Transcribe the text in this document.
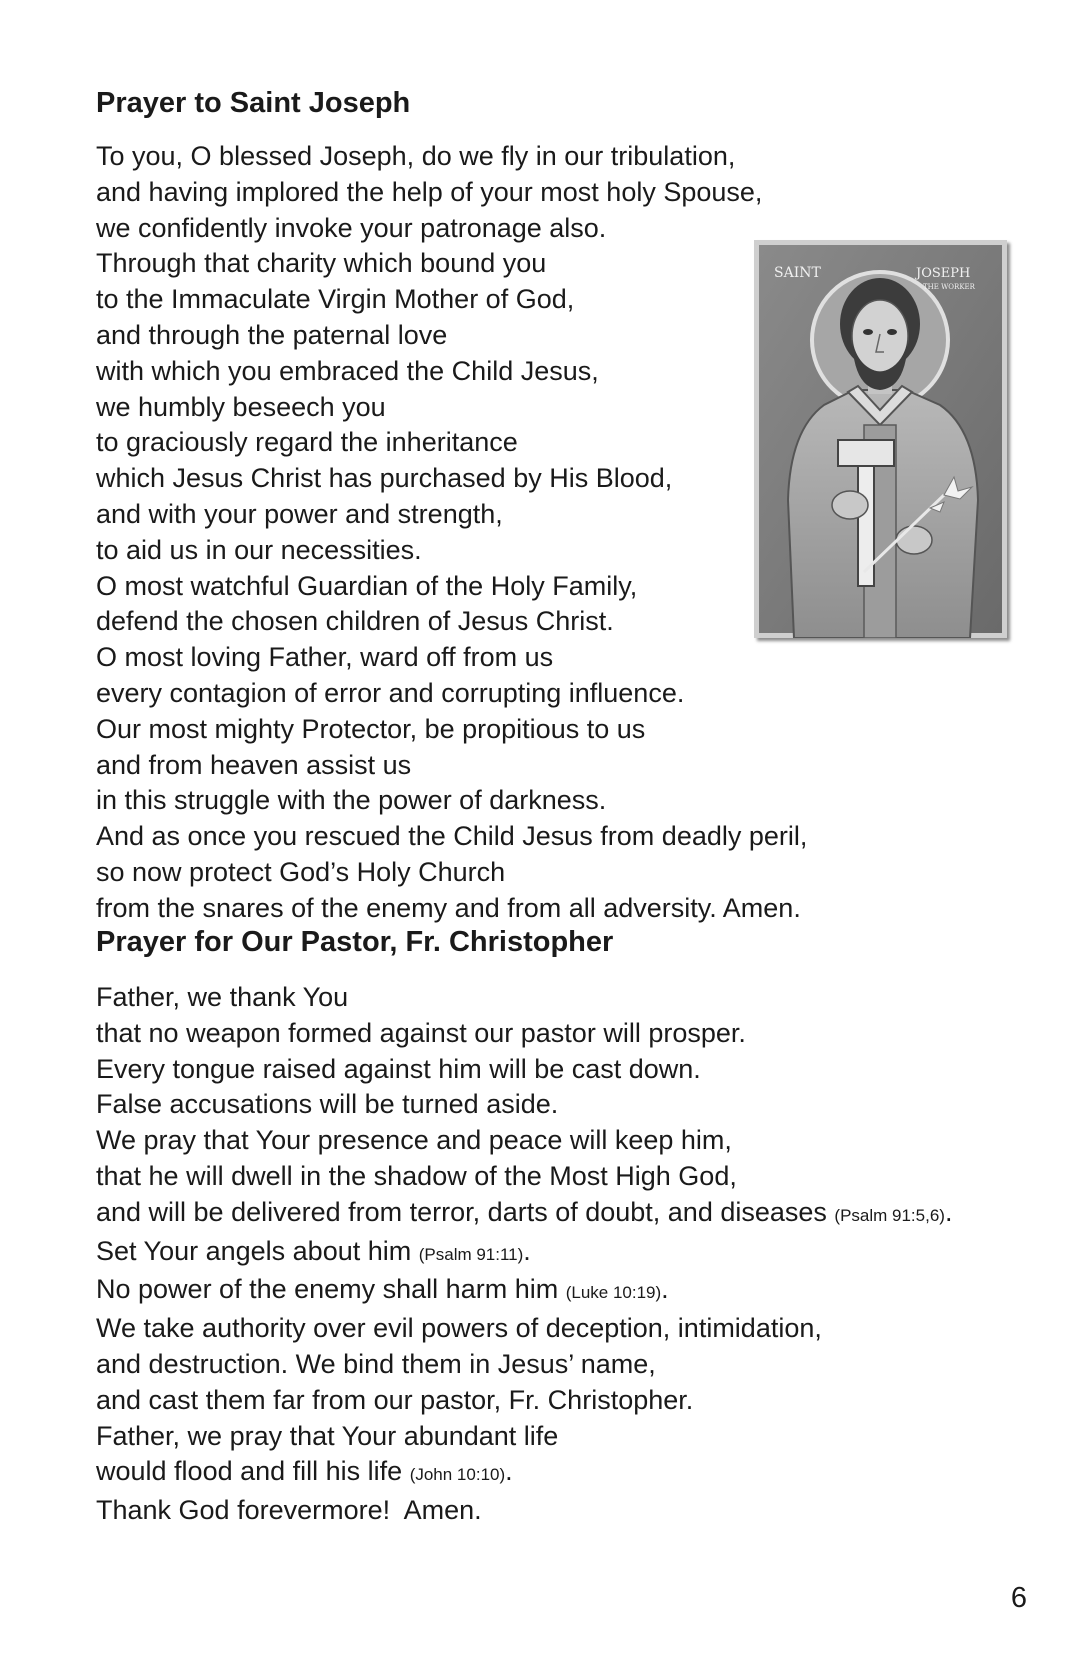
Prayer to Saint Joseph
To you, O blessed Joseph, do we fly in our tribulation,
and having implored the help of your most holy Spouse,
we confidently invoke your patronage also.
Through that charity which bound you
to the Immaculate Virgin Mother of God,
and through the paternal love
with which you embraced the Child Jesus,
we humbly beseech you
to graciously regard the inheritance
which Jesus Christ has purchased by His Blood,
and with your power and strength,
to aid us in our necessities.
O most watchful Guardian of the Holy Family,
defend the chosen children of Jesus Christ.
O most loving Father, ward off from us
every contagion of error and corrupting influence.
Our most mighty Protector, be propitious to us
and from heaven assist us
in this struggle with the power of darkness.
And as once you rescued the Child Jesus from deadly peril,
so now protect God’s Holy Church
from the snares of the enemy and from all adversity. Amen.
SAINT	JOSEPH
THE WORKER
Prayer for Our Pastor, Fr. Christopher
Father, we thank You
that no weapon formed against our pastor will prosper.
Every tongue raised against him will be cast down.
False accusations will be turned aside.
We pray that Your presence and peace will keep him,
that he will dwell in the shadow of the Most High God,
and will be delivered from terror, darts of doubt, and diseases (Psalm 91:5,6).
Set Your angels about him (Psalm 91:11).
No power of the enemy shall harm him (Luke 10:19).
We take authority over evil powers of deception, intimidation,
and destruction. We bind them in Jesus’ name,
and cast them far from our pastor, Fr. Christopher.
Father, we pray that Your abundant life
would flood and fill his life (John 10:10).
Thank God forevermore!  Amen.
6
